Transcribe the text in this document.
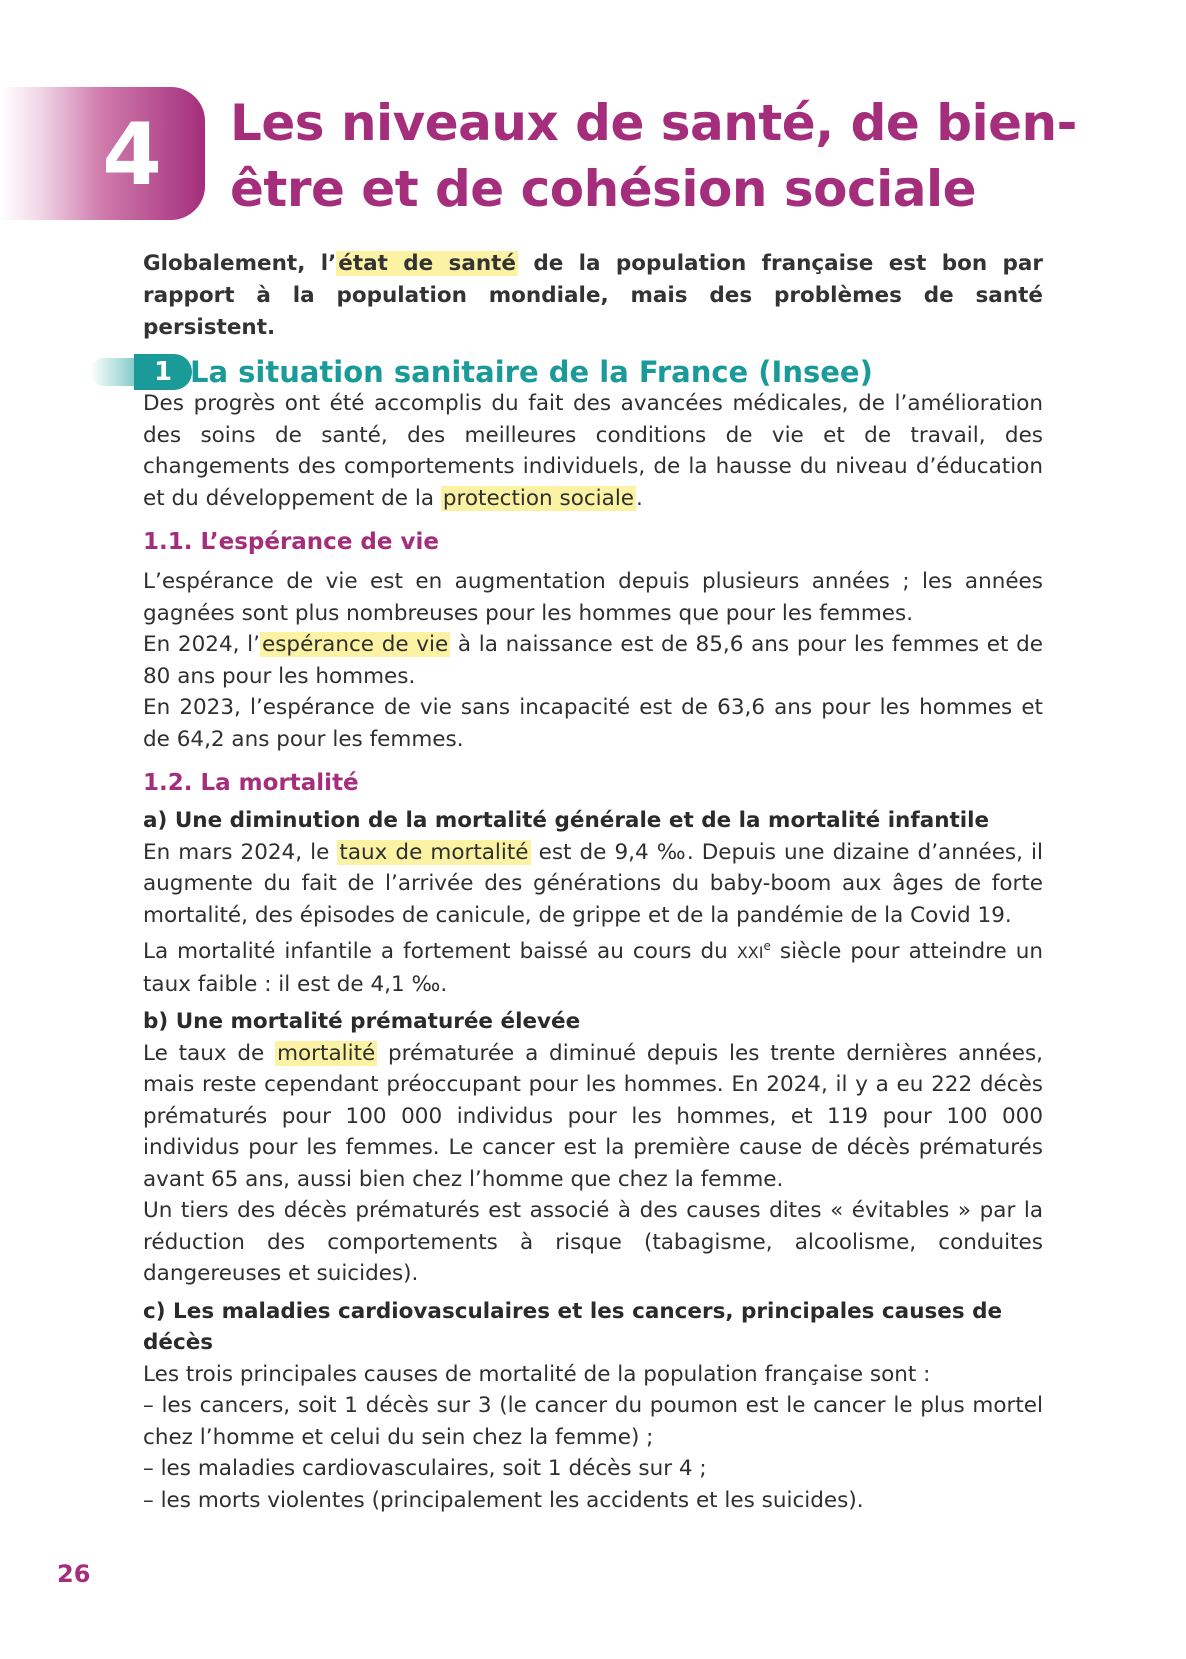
4 Les niveaux de santé, de bien-être et de cohésion sociale

Globalement, l’état de santé de la population française est bon par rapport à la population mondiale, mais des problèmes de santé persistent.

1 La situation sanitaire de la France (Insee)

Des progrès ont été accomplis du fait des avancées médicales, de l’amélioration des soins de santé, des meilleures conditions de vie et de travail, des changements des comportements individuels, de la hausse du niveau d’éducation et du développement de la protection sociale.

1.1. L’espérance de vie

L’espérance de vie est en augmentation depuis plusieurs années ; les années gagnées sont plus nombreuses pour les hommes que pour les femmes.

En 2024, l’espérance de vie à la naissance est de 85,6 ans pour les femmes et de 80 ans pour les hommes.

En 2023, l’espérance de vie sans incapacité est de 63,6 ans pour les hommes et de 64,2 ans pour les femmes.

1.2. La mortalité

a) Une diminution de la mortalité générale et de la mortalité infantile

En mars 2024, le taux de mortalité est de 9,4 ‰. Depuis une dizaine d’années, il augmente du fait de l’arrivée des générations du baby-boom aux âges de forte mortalité, des épisodes de canicule, de grippe et de la pandémie de la Covid 19.

La mortalité infantile a fortement baissé au cours du XXIe siècle pour atteindre un taux faible : il est de 4,1 ‰.

b) Une mortalité prématurée élevée

Le taux de mortalité prématurée a diminué depuis les trente dernières années, mais reste cependant préoccupant pour les hommes. En 2024, il y a eu 222 décès prématurés pour 100 000 individus pour les hommes, et 119 pour 100 000 individus pour les femmes. Le cancer est la première cause de décès prématurés avant 65 ans, aussi bien chez l’homme que chez la femme.

Un tiers des décès prématurés est associé à des causes dites « évitables » par la réduction des comportements à risque (tabagisme, alcoolisme, conduites dangereuses et suicides).

c) Les maladies cardiovasculaires et les cancers, principales causes de décès

Les trois principales causes de mortalité de la population française sont :

– les cancers, soit 1 décès sur 3 (le cancer du poumon est le cancer le plus mortel chez l’homme et celui du sein chez la femme) ;

– les maladies cardiovasculaires, soit 1 décès sur 4 ;

– les morts violentes (principalement les accidents et les suicides).

26
